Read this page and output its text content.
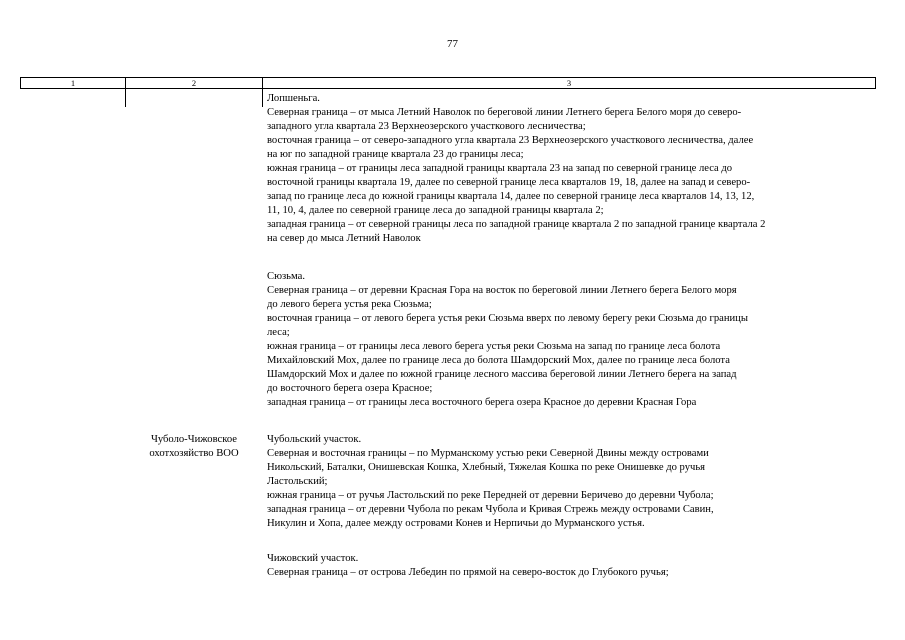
77
1	2	3
Чуболо-Чижовское
охотхозяйство ВОО
Лопшеньга.
Северная граница – от мыса Летний Наволок по береговой линии Летнего берега Белого моря до северо-
западного угла квартала 23 Верхнеозерского участкового лесничества;
восточная граница – от северо-западного угла квартала 23 Верхнеозерского участкового лесничества, далее
на юг по западной границе квартала 23 до границы леса;
южная граница – от границы леса западной границы квартала 23 на запад по северной границе леса до
восточной границы квартала 19, далее по северной границе леса кварталов 19, 18, далее на запад и северо-
запад по границе леса до южной границы квартала 14, далее по северной границе леса кварталов 14, 13, 12,
11, 10, 4, далее по северной границе леса до западной границы квартала 2;
западная граница – от северной границы леса по западной границе квартала 2 по западной границе квартала 2
на север до мыса Летний Наволок
Сюзьма.
Северная граница – от деревни Красная Гора на восток по береговой линии Летнего берега Белого моря
до левого берега устья река Сюзьма;
восточная граница – от левого берега устья реки Сюзьма вверх по левому берегу реки Сюзьма до границы
леса;
южная граница – от границы леса левого берега устья реки Сюзьма на запад по границе леса болота
Михайловский Мох, далее по границе леса до болота Шамдорский Мох, далее по границе леса болота
Шамдорский Мох и далее по южной границе лесного массива береговой линии Летнего берега на запад
до восточного берега озера Красное;
западная граница – от границы леса восточного берега озера Красное до деревни Красная Гора
Чубольский участок.
Северная и восточная границы – по Мурманскому устью реки Северной Двины между островами
Никольский, Баталки, Онишевская Кошка, Хлебный, Тяжелая Кошка по реке Онишевке до ручья
Ластольский;
южная граница – от ручья Ластольский по реке Передней от деревни Беричево до деревни Чубола;
западная граница – от деревни Чубола по рекам Чубола и Кривая Стрежь между островами Савин,
Никулин и Хопа, далее между островами Конев и Нерпичьи до Мурманского устья.
Чижовский участок.
Северная граница – от острова Лебедин по прямой на северо-восток до Глубокого ручья;
